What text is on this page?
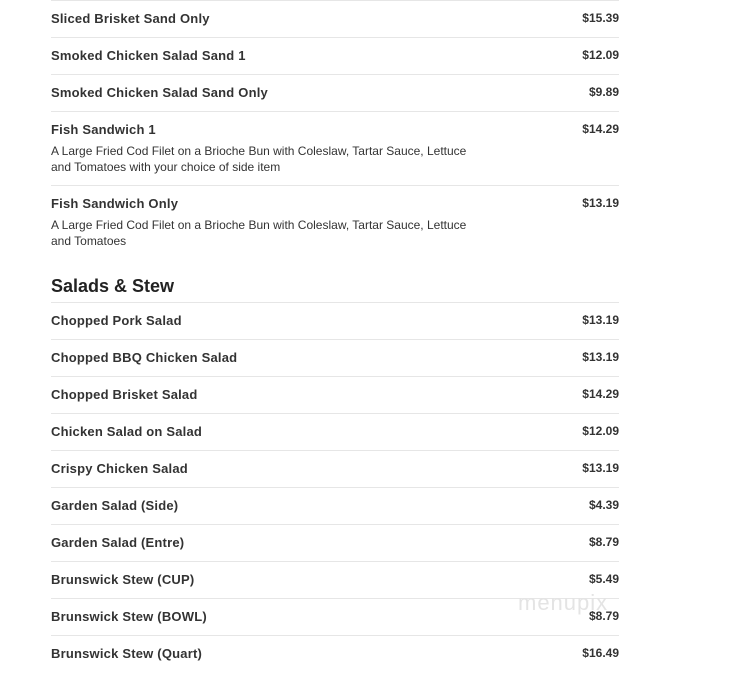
Sliced Brisket Sand Only	$15.39
Smoked Chicken Salad Sand 1	$12.09
Smoked Chicken Salad Sand Only	$9.89
Fish Sandwich 1	$14.29
A Large Fried Cod Filet on a Brioche Bun with Coleslaw, Tartar Sauce, Lettuce and Tomatoes with your choice of side item
Fish Sandwich Only	$13.19
A Large Fried Cod Filet on a Brioche Bun with Coleslaw, Tartar Sauce, Lettuce and Tomatoes
Salads & Stew
Chopped Pork Salad	$13.19
Chopped BBQ Chicken Salad	$13.19
Chopped Brisket Salad	$14.29
Chicken Salad on Salad	$12.09
Crispy Chicken Salad	$13.19
Garden Salad (Side)	$4.39
Garden Salad (Entre)	$8.79
Brunswick Stew (CUP)	$5.49
Brunswick Stew (BOWL)	$8.79
Brunswick Stew (Quart)	$16.49
menupix
